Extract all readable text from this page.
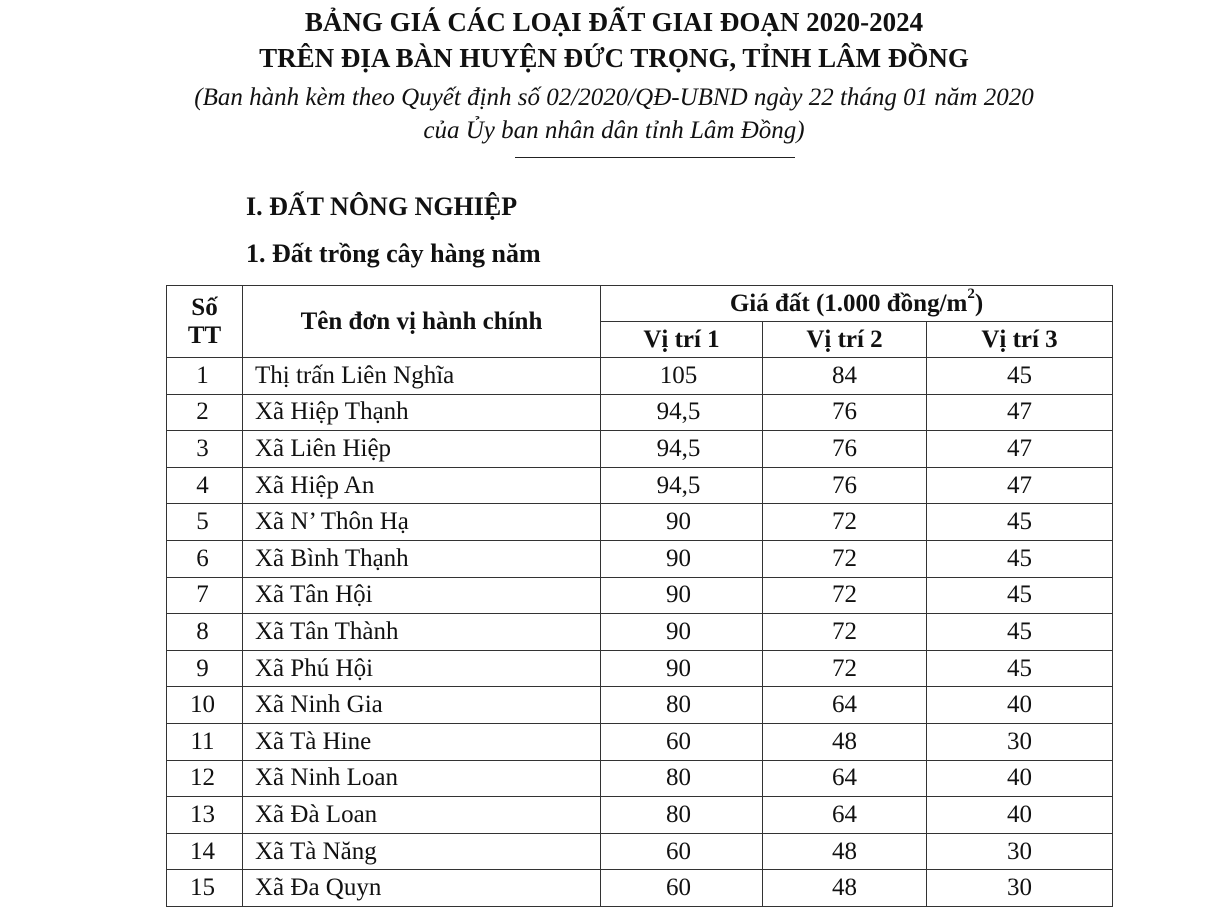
BẢNG GIÁ CÁC LOẠI ĐẤT GIAI ĐOẠN 2020-2024
TRÊN ĐỊA BÀN HUYỆN ĐỨC TRỌNG, TỈNH LÂM ĐỒNG
(Ban hành kèm theo Quyết định số 02/2020/QĐ-UBND ngày 22 tháng 01 năm 2020
của Ủy ban nhân dân tỉnh Lâm Đồng)
I. ĐẤT NÔNG NGHIỆP
1. Đất trồng cây hàng năm
Số
TT	Tên đơn vị hành chính	Giá đất (1.000 đồng/$m^2$)		
		Vị trí 1	Vị trí 2	Vị trí 3
1	Thị trấn Liên Nghĩa	105	84	45
2	Xã Hiệp Thạnh	94,5	76	47
3	Xã Liên Hiệp	94,5	76	47
4	Xã Hiệp An	94,5	76	47
5	Xã N’ Thôn Hạ	90	72	45
6	Xã Bình Thạnh	90	72	45
7	Xã Tân Hội	90	72	45
8	Xã Tân Thành	90	72	45
9	Xã Phú Hội	90	72	45
10	Xã Ninh Gia	80	64	40
11	Xã Tà Hine	60	48	30
12	Xã Ninh Loan	80	64	40
13	Xã Đà Loan	80	64	40
14	Xã Tà Năng	60	48	30
15	Xã Đa Quyn	60	48	30
